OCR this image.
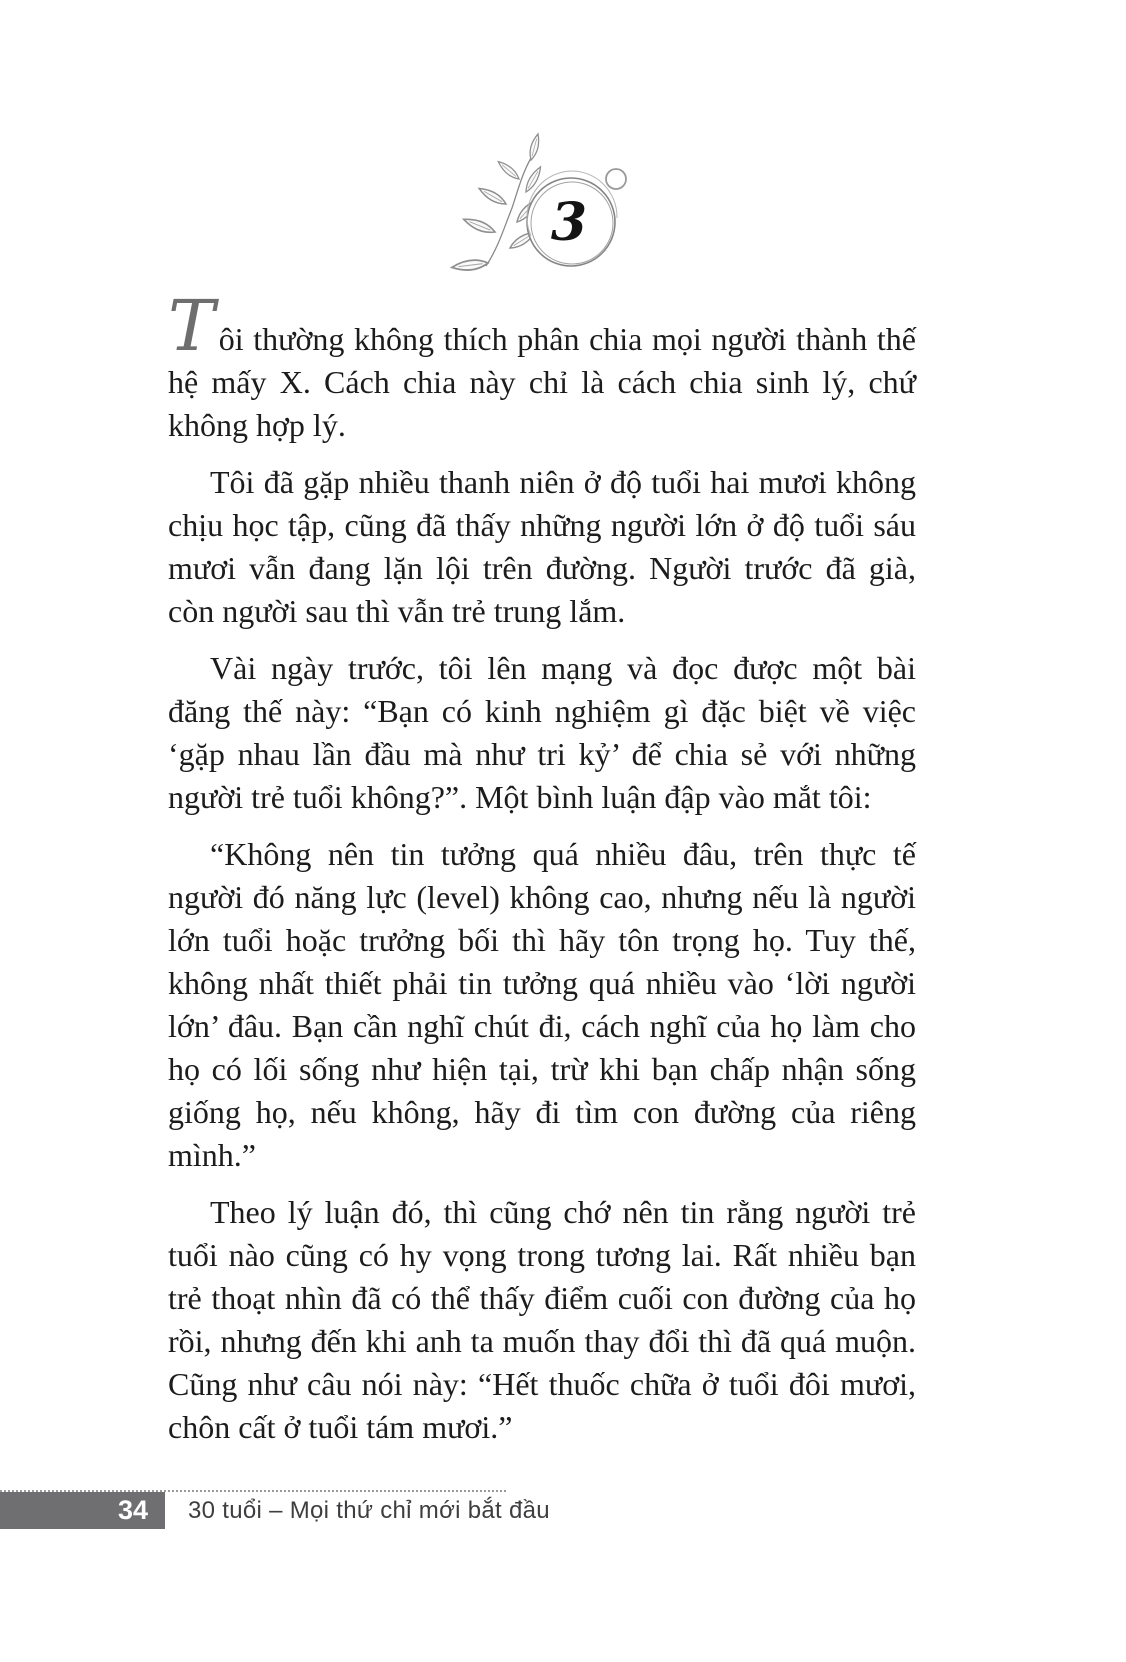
3

Tôi thường không thích phân chia mọi người thành thế hệ mấy X. Cách chia này chỉ là cách chia sinh lý, chứ không hợp lý.

Tôi đã gặp nhiều thanh niên ở độ tuổi hai mươi không chịu học tập, cũng đã thấy những người lớn ở độ tuổi sáu mươi vẫn đang lặn lội trên đường. Người trước đã già, còn người sau thì vẫn trẻ trung lắm.

Vài ngày trước, tôi lên mạng và đọc được một bài đăng thế này: “Bạn có kinh nghiệm gì đặc biệt về việc ‘gặp nhau lần đầu mà như tri kỷ’ để chia sẻ với những người trẻ tuổi không?”. Một bình luận đập vào mắt tôi:

“Không nên tin tưởng quá nhiều đâu, trên thực tế người đó năng lực (level) không cao, nhưng nếu là người lớn tuổi hoặc trưởng bối thì hãy tôn trọng họ. Tuy thế, không nhất thiết phải tin tưởng quá nhiều vào ‘lời người lớn’ đâu. Bạn cần nghĩ chút đi, cách nghĩ của họ làm cho họ có lối sống như hiện tại, trừ khi bạn chấp nhận sống giống họ, nếu không, hãy đi tìm con đường của riêng mình.”

Theo lý luận đó, thì cũng chớ nên tin rằng người trẻ tuổi nào cũng có hy vọng trong tương lai. Rất nhiều bạn trẻ thoạt nhìn đã có thể thấy điểm cuối con đường của họ rồi, nhưng đến khi anh ta muốn thay đổi thì đã quá muộn. Cũng như câu nói này: “Hết thuốc chữa ở tuổi đôi mươi, chôn cất ở tuổi tám mươi.”

34 30 tuổi – Mọi thứ chỉ mới bắt đầu
